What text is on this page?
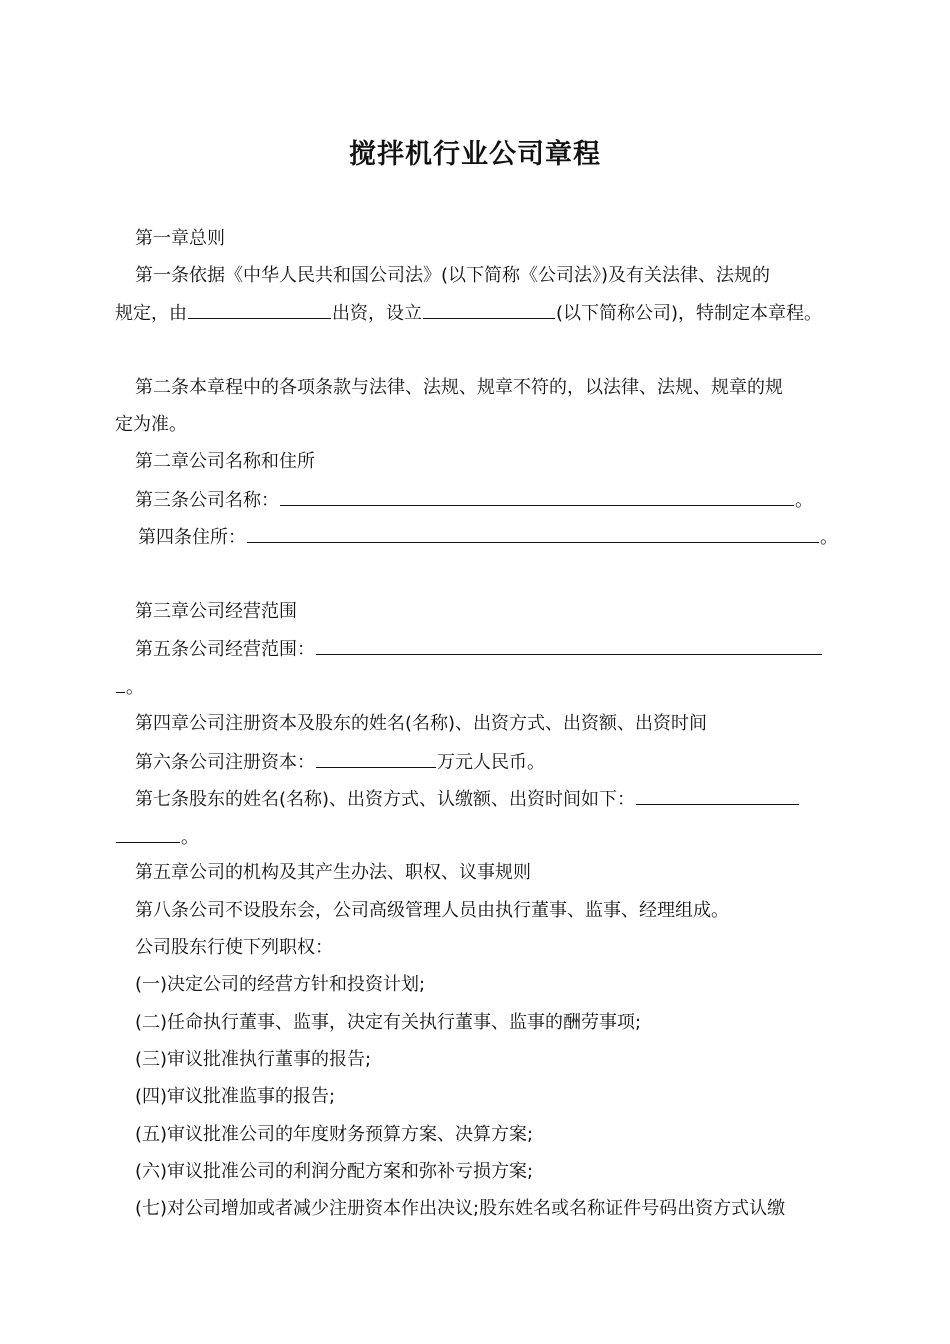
搅拌机行业公司章程
第一章总则
第一条依据《中华人民共和国公司法》(以下简称《公司法》)及有关法律、法规的
规定，由	出资，设立	(以下简称公司)，特制定本章程。
第二条本章程中的各项条款与法律、法规、规章不符的，以法律、法规、规章的规
定为准。
第二章公司名称和住所
第三条公司名称：	。
第四条住所：	。
第三章公司经营范围
第五条公司经营范围：
。
第四章公司注册资本及股东的姓名(名称)、出资方式、出资额、出资时间
第六条公司注册资本：	万元人民币。
第七条股东的姓名(名称)、出资方式、认缴额、出资时间如下：
。
第五章公司的机构及其产生办法、职权、议事规则
第八条公司不设股东会，公司高级管理人员由执行董事、监事、经理组成。
公司股东行使下列职权：
(一)决定公司的经营方针和投资计划;
(二)任命执行董事、监事，决定有关执行董事、监事的酬劳事项;
(三)审议批准执行董事的报告;
(四)审议批准监事的报告;
(五)审议批准公司的年度财务预算方案、决算方案;
(六)审议批准公司的利润分配方案和弥补亏损方案;
(七)对公司增加或者减少注册资本作出决议;股东姓名或名称证件号码出资方式认缴
